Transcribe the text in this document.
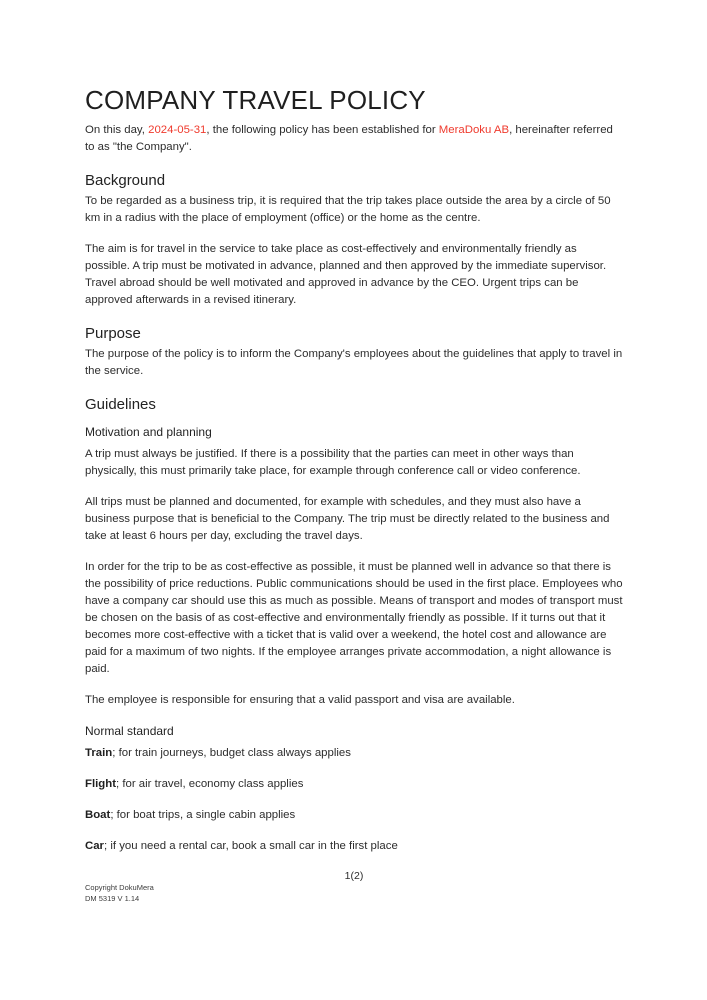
COMPANY TRAVEL POLICY

On this day, 2024-05-31, the following policy has been established for MeraDoku AB, hereinafter referred to as "the Company".

Background

To be regarded as a business trip, it is required that the trip takes place outside the area by a circle of 50 km in a radius with the place of employment (office) or the home as the centre.

The aim is for travel in the service to take place as cost-effectively and environmentally friendly as possible. A trip must be motivated in advance, planned and then approved by the immediate supervisor. Travel abroad should be well motivated and approved in advance by the CEO. Urgent trips can be approved afterwards in a revised itinerary.

Purpose

The purpose of the policy is to inform the Company's employees about the guidelines that apply to travel in the service.

Guidelines
Motivation and planning

A trip must always be justified. If there is a possibility that the parties can meet in other ways than physically, this must primarily take place, for example through conference call or video conference.

All trips must be planned and documented, for example with schedules, and they must also have a business purpose that is beneficial to the Company. The trip must be directly related to the business and take at least 6 hours per day, excluding the travel days.

In order for the trip to be as cost-effective as possible, it must be planned well in advance so that there is the possibility of price reductions. Public communications should be used in the first place. Employees who have a company car should use this as much as possible. Means of transport and modes of transport must be chosen on the basis of as cost-effective and environmentally friendly as possible. If it turns out that it becomes more cost-effective with a ticket that is valid over a weekend, the hotel cost and allowance are paid for a maximum of two nights. If the employee arranges private accommodation, a night allowance is paid.

The employee is responsible for ensuring that a valid passport and visa are available.

Normal standard

Train; for train journeys, budget class always applies

Flight; for air travel, economy class applies

Boat; for boat trips, a single cabin applies

Car; if you need a rental car, book a small car in the first place

1(2)

Copyright DokuMera
DM 5319 V 1.14
